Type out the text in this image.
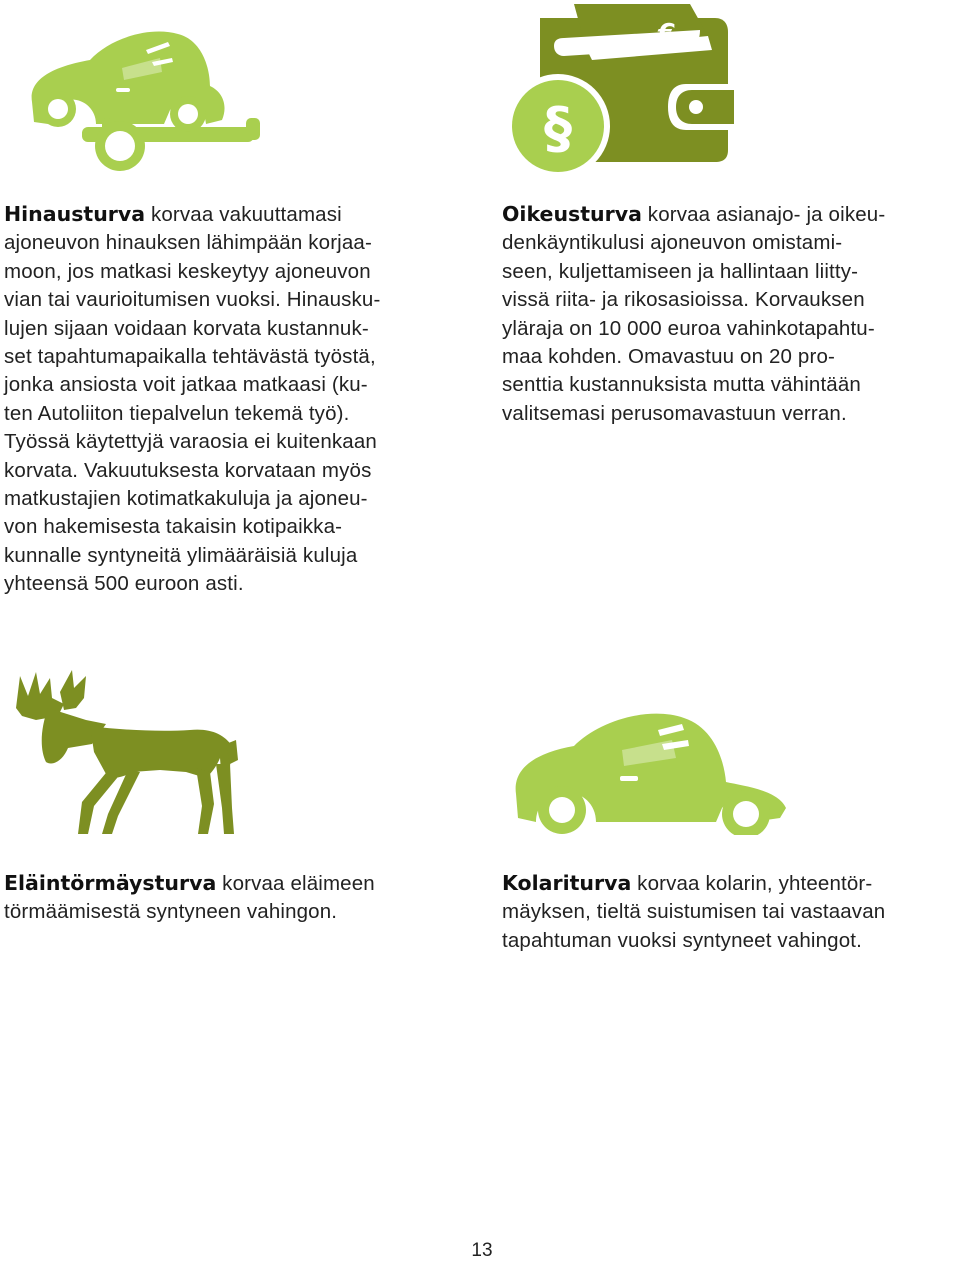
€
§

Hinausturva korvaa vakuuttamasi
ajoneuvon hinauksen lähimpään korjaa-
moon, jos matkasi keskeytyy ajoneuvon
vian tai vaurioitumisen vuoksi. Hinausku-
lujen sijaan voidaan korvata kustannuk-
set tapahtumapaikalla tehtävästä työstä,
jonka ansiosta voit jatkaa matkaasi (ku-
ten Autoliiton tiepalvelun tekemä työ).
Työssä käytettyjä varaosia ei kuitenkaan
korvata. Vakuutuksesta korvataan myös
matkustajien kotimatkakuluja ja ajoneu-
von hakemisesta takaisin kotipaikka-
kunnalle syntyneitä ylimääräisiä kuluja
yhteensä 500 euroon asti.

Oikeusturva korvaa asianajo- ja oikeu-
denkäyntikulusi ajoneuvon omistami-
seen, kuljettamiseen ja hallintaan liitty-
vissä riita- ja rikosasioissa. Korvauksen
yläraja on 10 000 euroa vahinkotapahtu-
maa kohden. Omavastuu on 20 pro-
senttia kustannuksista mutta vähintään
valitsemasi perusomavastuun verran.

Eläintörmäysturva korvaa eläimeen
törmäämisestä syntyneen vahingon.

Kolariturva korvaa kolarin, yhteentör-
mäyksen, tieltä suistumisen tai vastaavan
tapahtuman vuoksi syntyneet vahingot.

13
